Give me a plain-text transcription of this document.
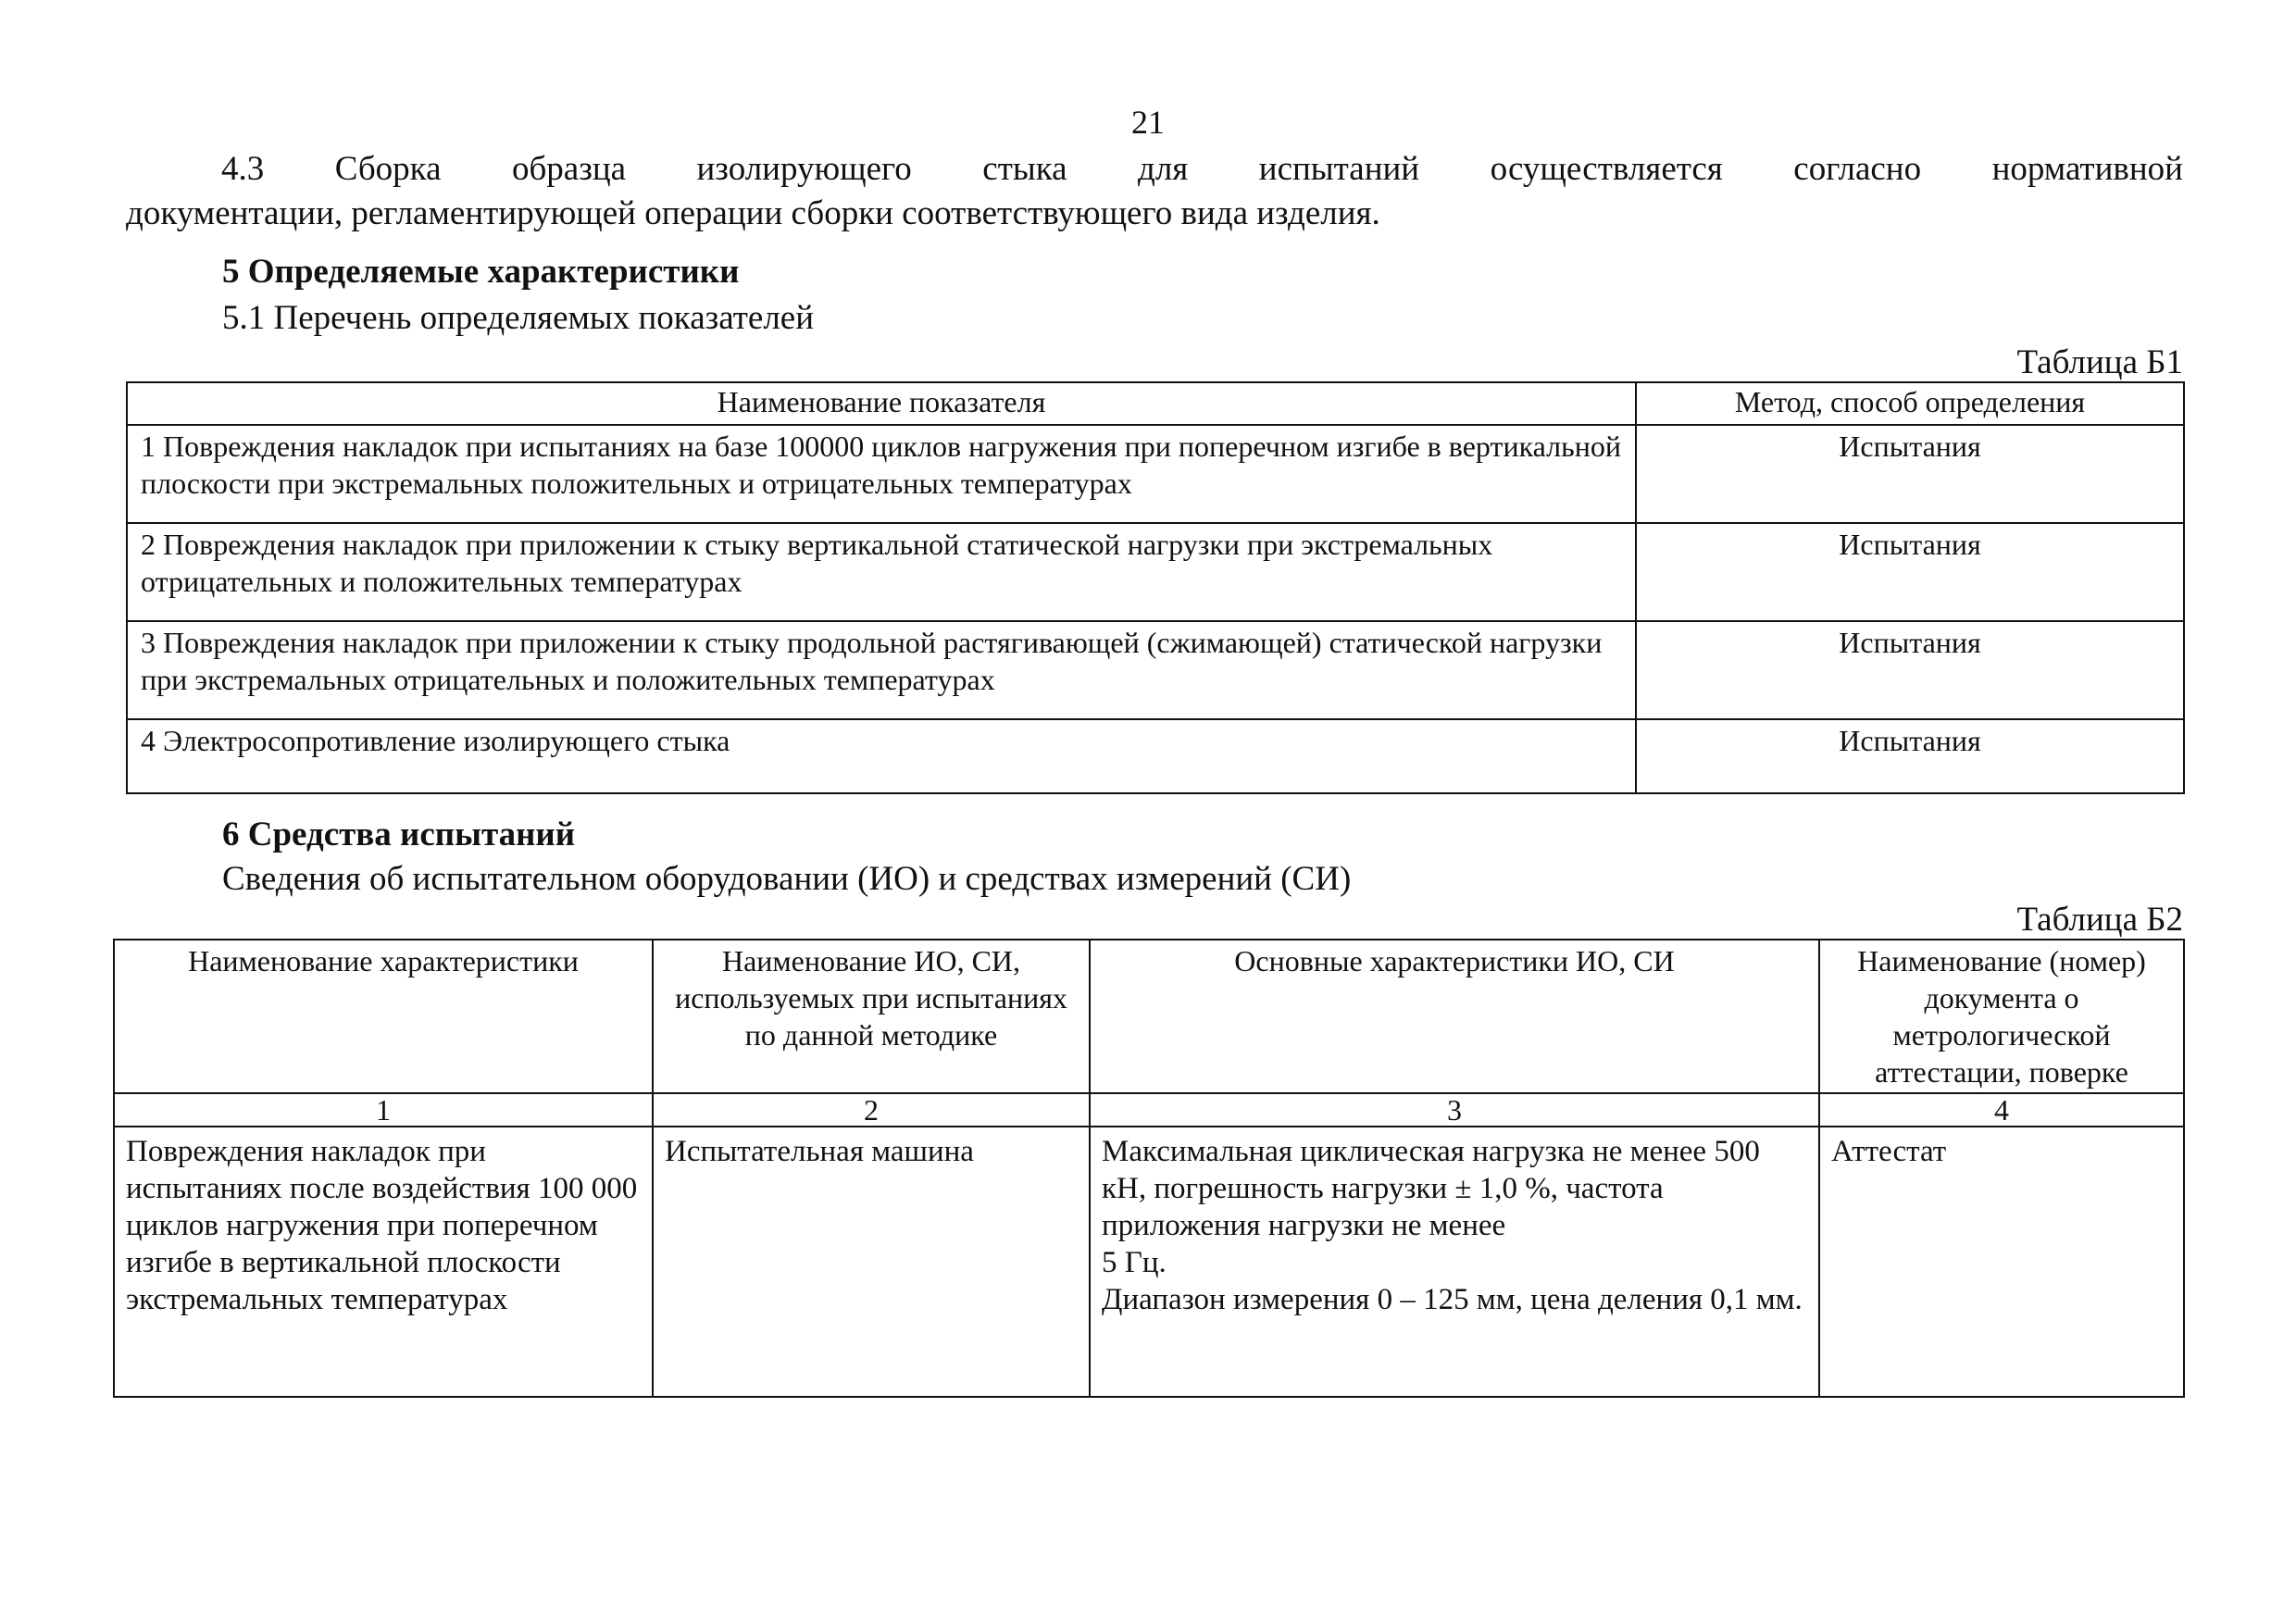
21
4.3 Сборка образца изолирующего стыка для испытаний осуществляется согласно нормативной
документации, регламентирующей операции сборки соответствующего вида изделия.
5 Определяемые характеристики
5.1 Перечень определяемых показателей
Таблица Б1
Наименование показателя	Метод, способ определения
1 Повреждения накладок при испытаниях на базе 100000 циклов нагружения при поперечном изгибе в вертикальной плоскости при экстремальных положительных и отрицательных температурах	Испытания
2 Повреждения накладок при приложении к стыку вертикальной статической нагрузки при экстремальных отрицательных и положительных температурах	Испытания
3 Повреждения накладок при приложении к стыку продольной растягивающей (сжимающей) статической нагрузки при экстремальных отрицательных и положительных температурах	Испытания
4 Электросопротивление изолирующего стыка	Испытания
6 Средства испытаний
Сведения об испытательном оборудовании (ИО) и средствах измерений (СИ)
Таблица Б2
Наименование характеристики	Наименование ИО, СИ, используемых при испытаниях по данной методике	Основные характеристики ИО, СИ	Наименование (номер) документа о метрологической аттестации, поверке
1	2	3	4
Повреждения накладок при испытаниях после воздействия 100 000 циклов нагружения при поперечном изгибе в вертикальной плоскости экстремальных температурах	Испытательная машина	Максимальная циклическая нагрузка не менее 500 кН, погрешность нагрузки ± 1,0 %, частота приложения нагрузки не менее
5 Гц.
Диапазон измерения 0 – 125 мм, цена деления 0,1 мм.	Аттестат
